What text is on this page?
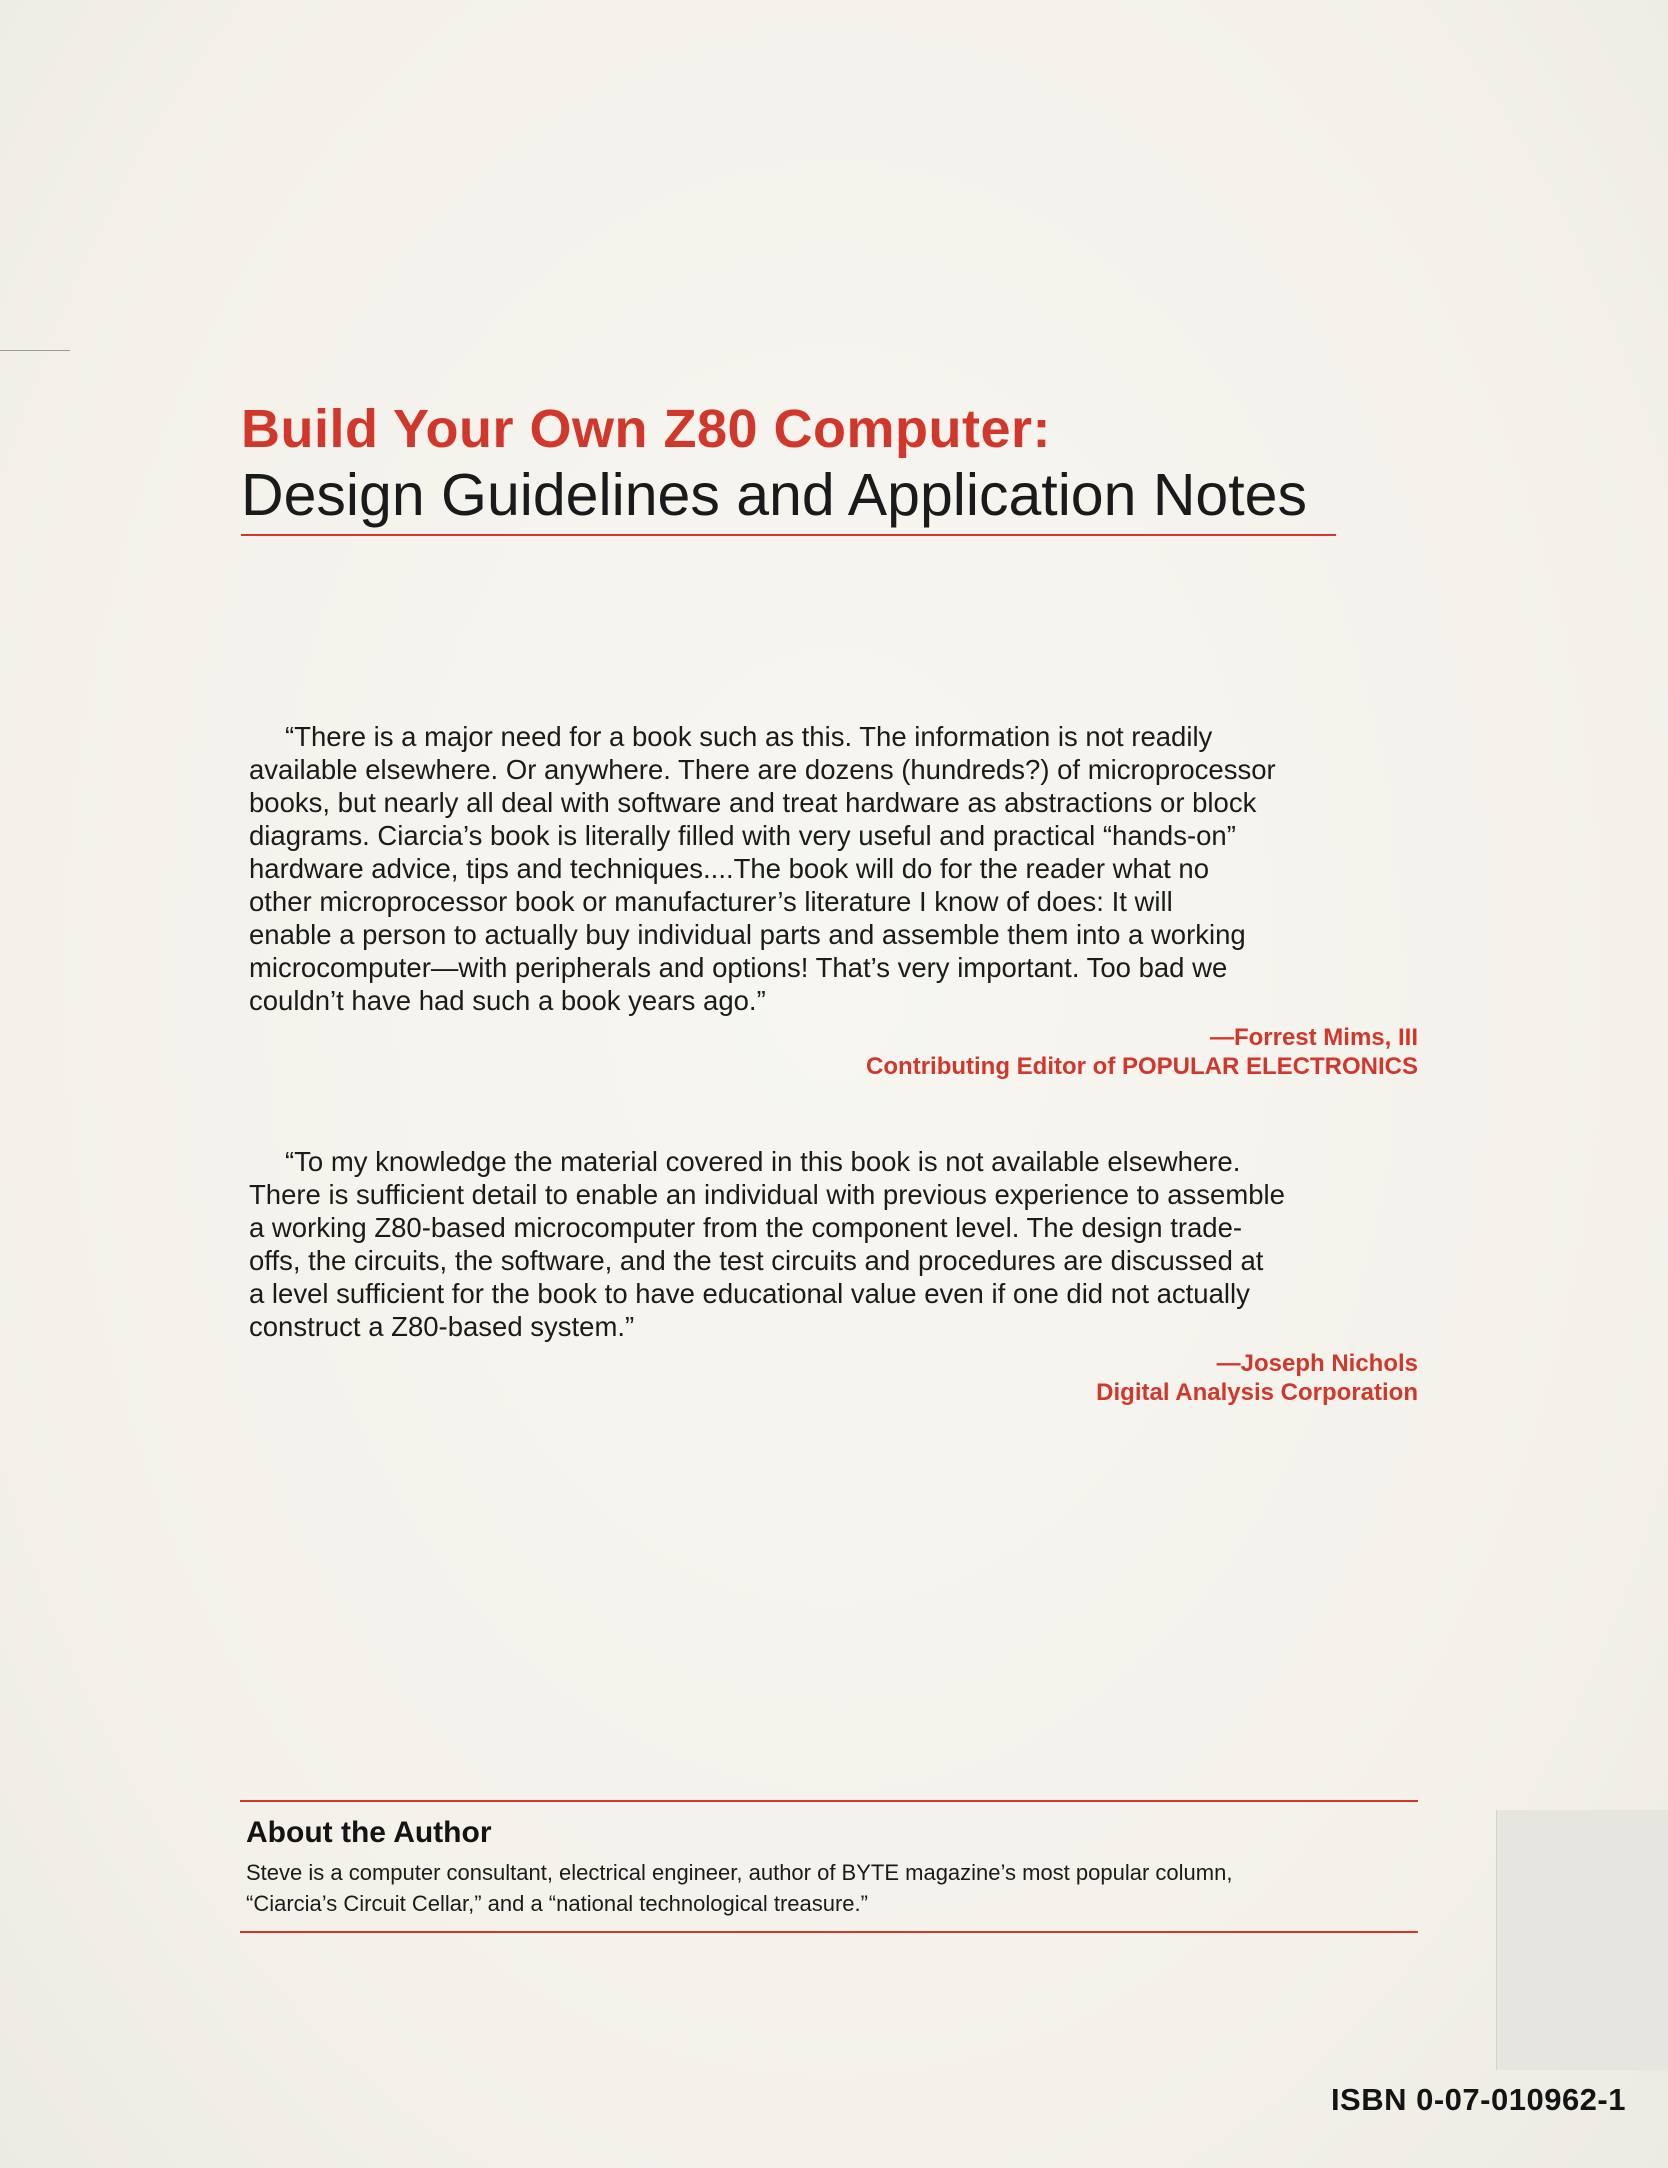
Build Your Own Z80 Computer:
Design Guidelines and Application Notes

“There is a major need for a book such as this. The information is not readily
available elsewhere. Or anywhere. There are dozens (hundreds?) of microprocessor
books, but nearly all deal with software and treat hardware as abstractions or block
diagrams. Ciarcia’s book is literally filled with very useful and practical “hands-on”
hardware advice, tips and techniques....The book will do for the reader what no
other microprocessor book or manufacturer’s literature I know of does: It will
enable a person to actually buy individual parts and assemble them into a working
microcomputer—with peripherals and options! That’s very important. Too bad we
couldn’t have had such a book years ago.”

—Forrest Mims, III
Contributing Editor of POPULAR ELECTRONICS

“To my knowledge the material covered in this book is not available elsewhere.
There is sufficient detail to enable an individual with previous experience to assemble
a working Z80-based microcomputer from the component level. The design trade-
offs, the circuits, the software, and the test circuits and procedures are discussed at
a level sufficient for the book to have educational value even if one did not actually
construct a Z80-based system.”

—Joseph Nichols
Digital Analysis Corporation
About the Author

Steve is a computer consultant, electrical engineer, author of BYTE magazine’s most popular column,
“Ciarcia’s Circuit Cellar,” and a “national technological treasure.”

ISBN 0-07-010962-1
